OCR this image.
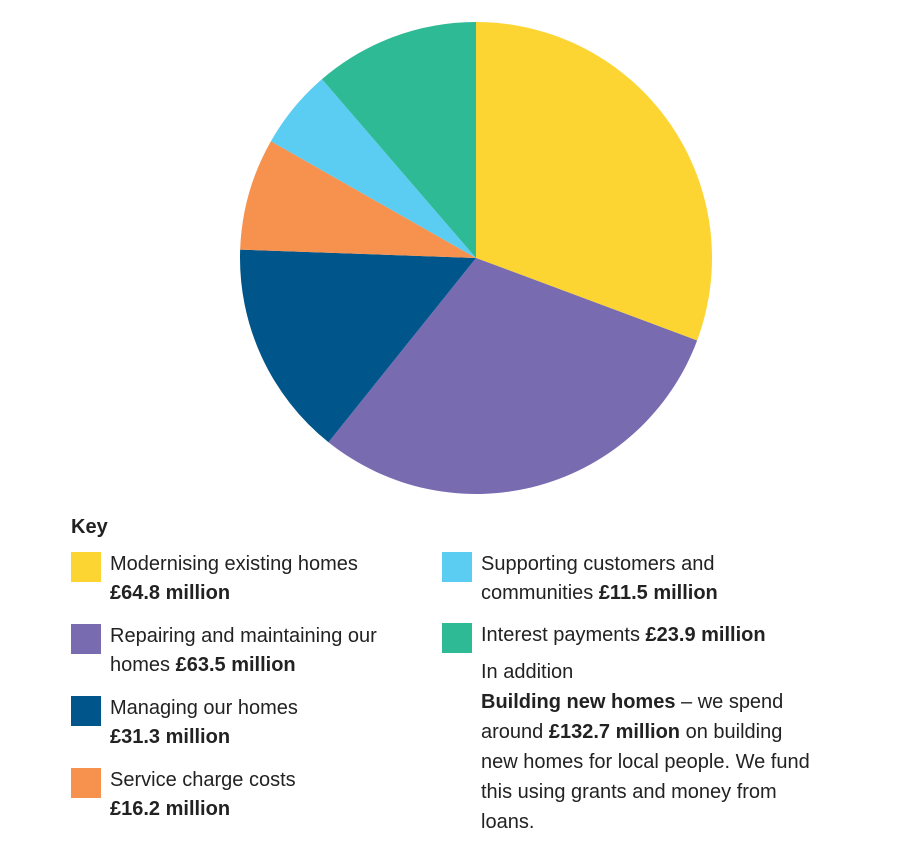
Key
Modernising existing homes
£64.8 million
Repairing and maintaining our
homes £63.5 million
Managing our homes
£31.3 million
Service charge costs
£16.2 million
Supporting customers and
communities £11.5 million
Interest payments £23.9 million
In addition
Building new homes – we spend around £132.7 million on building new homes for local people. We fund this using grants and money from loans.
